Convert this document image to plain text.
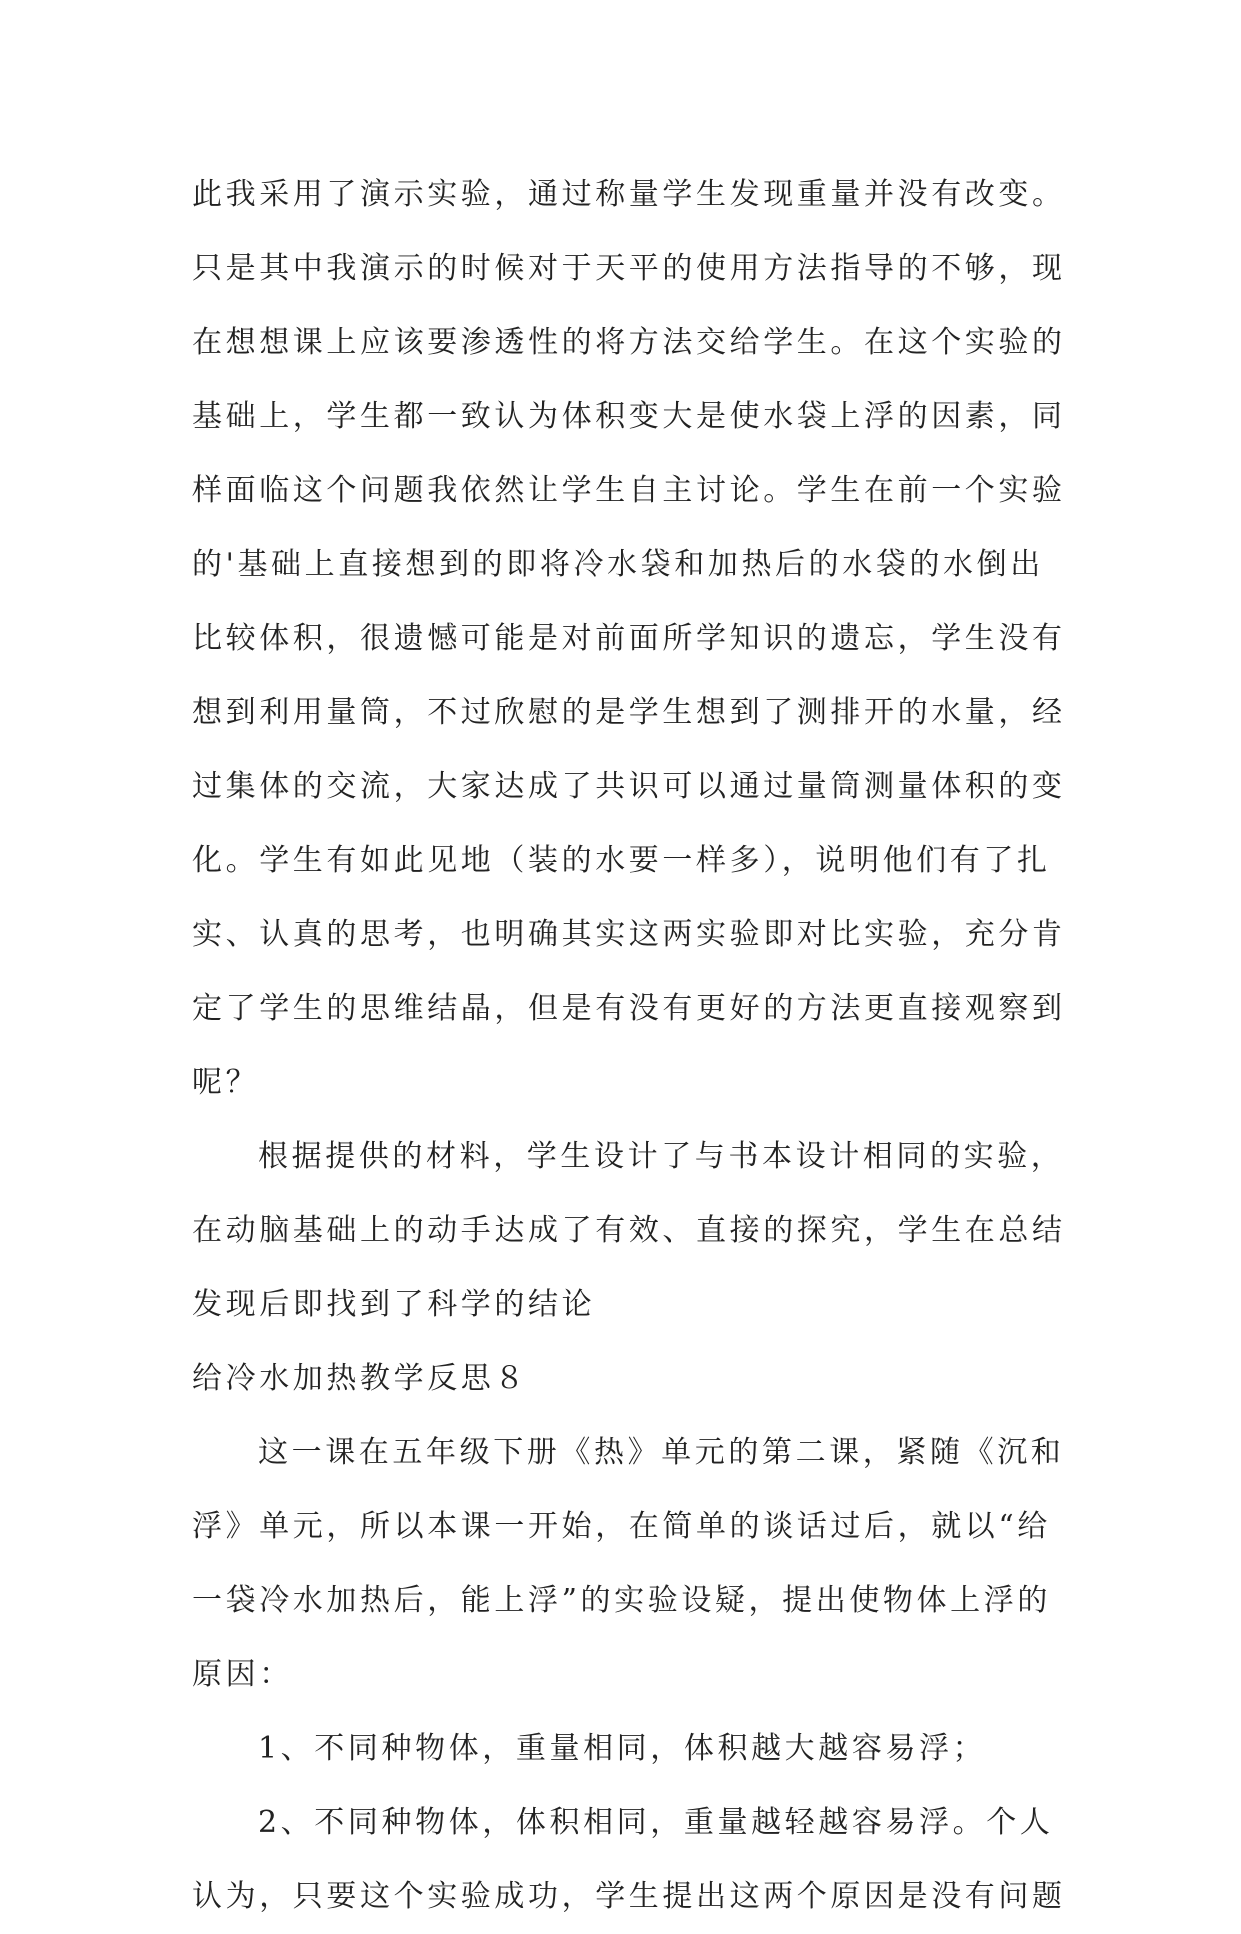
此我采用了演示实验，通过称量学生发现重量并没有改变。
只是其中我演示的时候对于天平的使用方法指导的不够，现
在想想课上应该要渗透性的将方法交给学生。在这个实验的
基础上，学生都一致认为体积变大是使水袋上浮的因素，同
样面临这个问题我依然让学生自主讨论。学生在前一个实验
的'基础上直接想到的即将冷水袋和加热后的水袋的水倒出
比较体积，很遗憾可能是对前面所学知识的遗忘，学生没有
想到利用量筒，不过欣慰的是学生想到了测排开的水量，经
过集体的交流，大家达成了共识可以通过量筒测量体积的变
化。学生有如此见地（装的水要一样多），说明他们有了扎
实、认真的思考，也明确其实这两实验即对比实验，充分肯
定了学生的思维结晶，但是有没有更好的方法更直接观察到
呢？
根据提供的材料，学生设计了与书本设计相同的实验，
在动脑基础上的动手达成了有效、直接的探究，学生在总结
发现后即找到了科学的结论
给冷水加热教学反思８
这一课在五年级下册《热》单元的第二课，紧随《沉和
浮》单元，所以本课一开始，在简单的谈话过后，就以“给
一袋冷水加热后，能上浮”的实验设疑，提出使物体上浮的
原因：
1、不同种物体，重量相同，体积越大越容易浮；
2、不同种物体，体积相同，重量越轻越容易浮。个人
认为，只要这个实验成功，学生提出这两个原因是没有问题
